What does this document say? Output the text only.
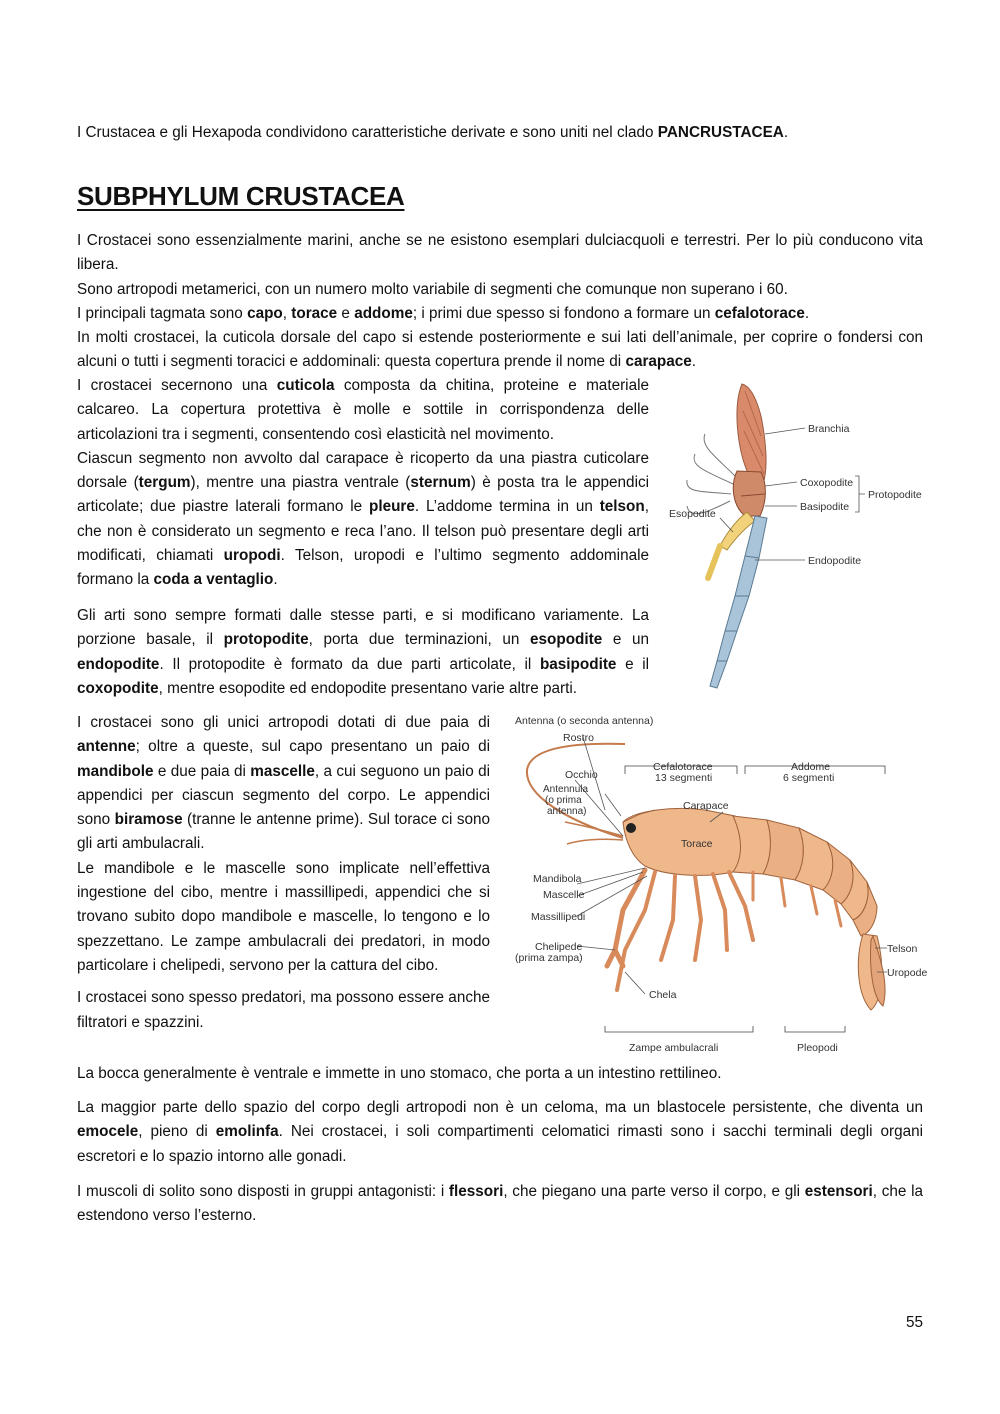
I Crustacea e gli Hexapoda condividono caratteristiche derivate e sono uniti nel clado PANCRUSTACEA.

SUBPHYLUM CRUSTACEA

I Crostacei sono essenzialmente marini, anche se ne esistono esemplari dulciacquoli e terrestri. Per lo più conducono vita libera.

Sono artropodi metamerici, con un numero molto variabile di segmenti che comunque non superano i 60.

I principali tagmata sono capo, torace e addome; i primi due spesso si fondono a formare un cefalotorace.

In molti crostacei, la cuticola dorsale del capo si estende posteriormente e sui lati dell’animale, per coprire o fondersi con alcuni o tutti i segmenti toracici e addominali: questa copertura prende il nome di carapace.

I crostacei secernono una cuticola composta da chitina, proteine e materiale calcareo. La copertura protettiva è molle e sottile in corrispondenza delle articolazioni tra i segmenti, consentendo così elasticità nel movimento.

Ciascun segmento non avvolto dal carapace è ricoperto da una piastra cuticolare dorsale (tergum), mentre una piastra ventrale (sternum) è posta tra le appendici articolate; due piastre laterali formano le pleure. L’addome termina in un telson, che non è considerato un segmento e reca l’ano. Il telson può presentare degli arti modificati, chiamati uropodi. Telson, uropodi e l’ultimo segmento addominale formano la coda a ventaglio.

Gli arti sono sempre formati dalle stesse parti, e si modificano variamente. La porzione basale, il protopodite, porta due terminazioni, un esopodite e un endopodite. Il protopodite è formato da due parti articolate, il basipodite e il coxopodite, mentre esopodite ed endopodite presentano varie altre parti.

I crostacei sono gli unici artropodi dotati di due paia di antenne; oltre a queste, sul capo presentano un paio di mandibole e due paia di mascelle, a cui seguono un paio di appendici per ciascun segmento del corpo. Le appendici sono biramose (tranne le antenne prime). Sul torace ci sono gli arti ambulacrali.

Le mandibole e le mascelle sono implicate nell’effettiva ingestione del cibo, mentre i massillipedi, appendici che si trovano subito dopo mandibole e mascelle, lo tengono e lo spezzettano. Le zampe ambulacrali dei predatori, in modo particolare i chelipedi, servono per la cattura del cibo.

I crostacei sono spesso predatori, ma possono essere anche filtratori e spazzini.

La bocca generalmente è ventrale e immette in uno stomaco, che porta a un intestino rettilineo.

La maggior parte dello spazio del corpo degli artropodi non è un celoma, ma un blastocele persistente, che diventa un emocele, pieno di emolinfa. Nei crostacei, i soli compartimenti celomatici rimasti sono i sacchi terminali degli organi escretori e lo spazio intorno alle gonadi.

I muscoli di solito sono disposti in gruppi antagonisti: i flessori, che piegano una parte verso il corpo, e gli estensori, che la estendono verso l’esterno.

55
Branchia
Coxopodite
Basipodite
Protopodite
Esopodite
Endopodite
Antenna (o seconda antenna)
Rostro
Occhio
Antennula
(o prima
antenna)
Cefalotorace
13 segmenti
Addome
6 segmenti
Carapace
Torace
Mandibola
Mascelle
Massillipedi
Chelipede
(prima zampa)
Chela
Telson
Uropode
Zampe ambulacrali	Pleopodi
